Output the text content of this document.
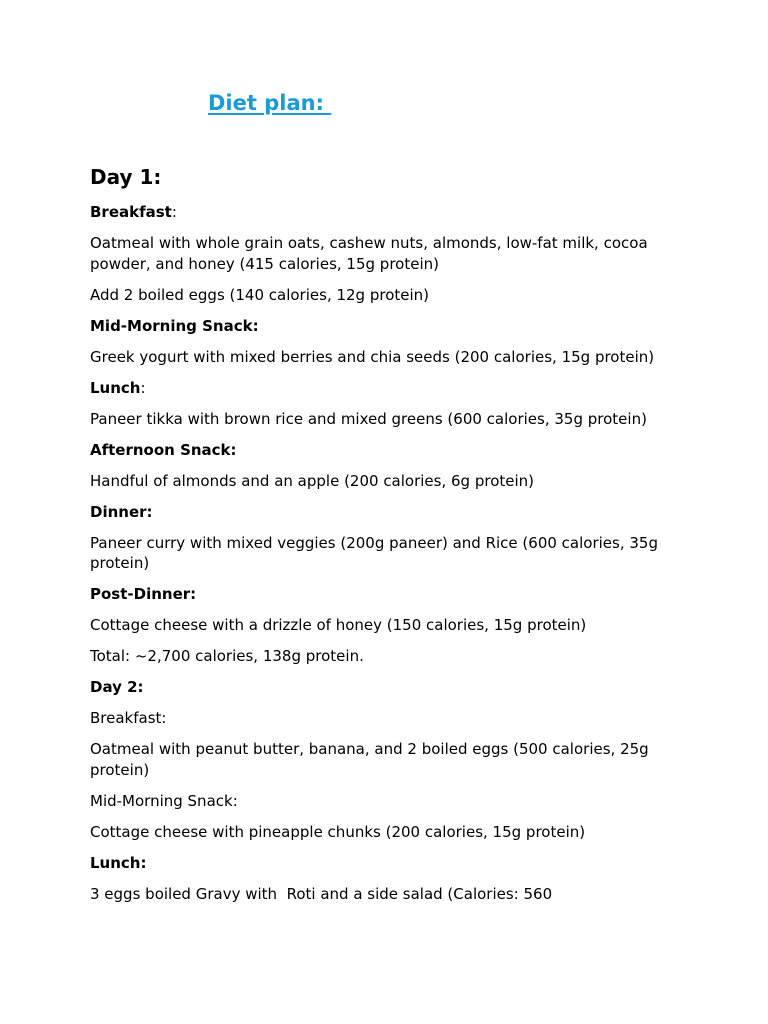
Diet plan:
Day 1:

Breakfast:

Oatmeal with whole grain oats, cashew nuts, almonds, low-fat milk, cocoa powder, and honey (415 calories, 15g protein)

Add 2 boiled eggs (140 calories, 12g protein)

Mid-Morning Snack:

Greek yogurt with mixed berries and chia seeds (200 calories, 15g protein)

Lunch:

Paneer tikka with brown rice and mixed greens (600 calories, 35g protein)

Afternoon Snack:

Handful of almonds and an apple (200 calories, 6g protein)

Dinner:

Paneer curry with mixed veggies (200g paneer) and Rice (600 calories, 35g protein)

Post-Dinner:

Cottage cheese with a drizzle of honey (150 calories, 15g protein)

Total: ~2,700 calories, 138g protein.

Day 2:

Breakfast:

Oatmeal with peanut butter, banana, and 2 boiled eggs (500 calories, 25g protein)

Mid-Morning Snack:

Cottage cheese with pineapple chunks (200 calories, 15g protein)

Lunch:

3 eggs boiled Gravy with  Roti and a side salad (Calories: 560
